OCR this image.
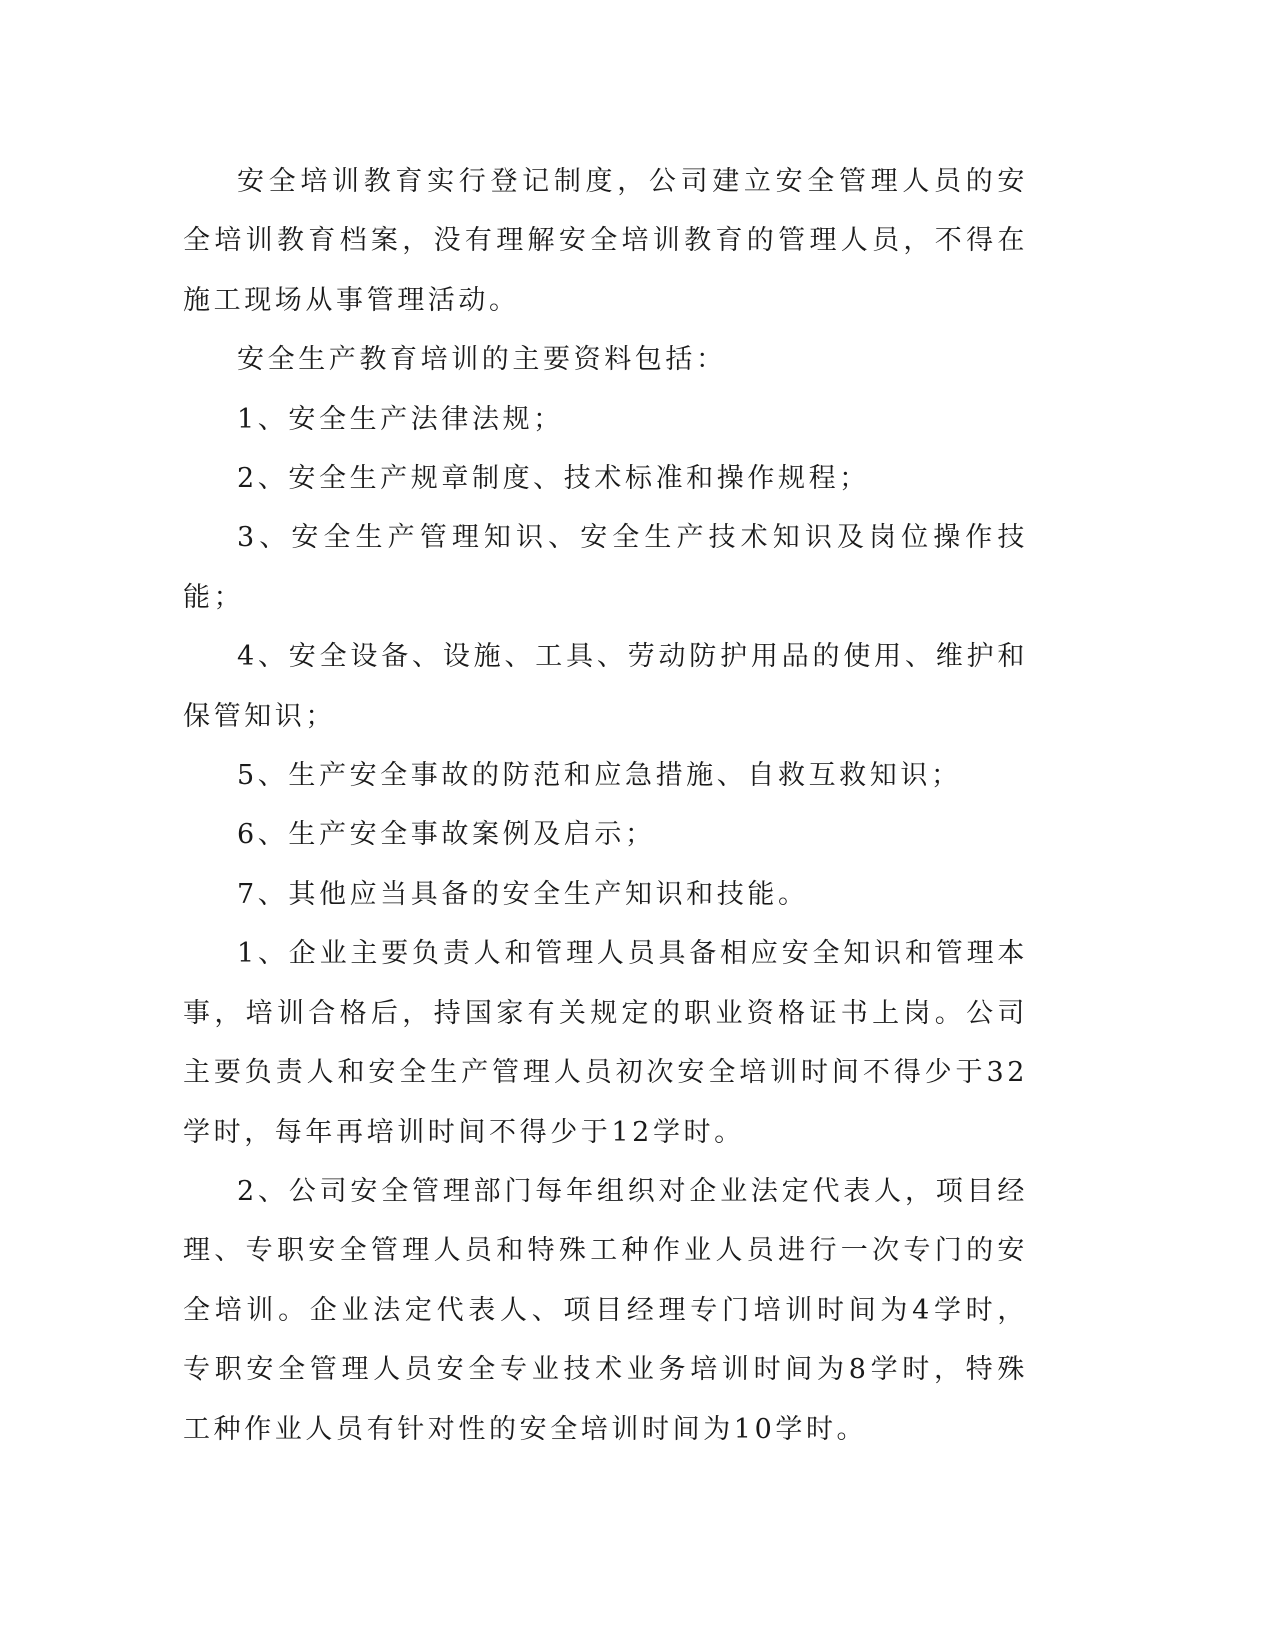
安全培训教育实行登记制度，公司建立安全管理人员的安全培训教育档案，没有理解安全培训教育的管理人员，不得在施工现场从事管理活动。

安全生产教育培训的主要资料包括：

1、安全生产法律法规；

2、安全生产规章制度、技术标准和操作规程；

3、安全生产管理知识、安全生产技术知识及岗位操作技能；

4、安全设备、设施、工具、劳动防护用品的使用、维护和保管知识；

5、生产安全事故的防范和应急措施、自救互救知识；

6、生产安全事故案例及启示；

7、其他应当具备的安全生产知识和技能。

1、企业主要负责人和管理人员具备相应安全知识和管理本事，培训合格后，持国家有关规定的职业资格证书上岗。公司主要负责人和安全生产管理人员初次安全培训时间不得少于32学时，每年再培训时间不得少于12学时。

2、公司安全管理部门每年组织对企业法定代表人，项目经理、专职安全管理人员和特殊工种作业人员进行一次专门的安全培训。企业法定代表人、项目经理专门培训时间为4学时，专职安全管理人员安全专业技术业务培训时间为8学时，特殊工种作业人员有针对性的安全培训时间为10学时。
